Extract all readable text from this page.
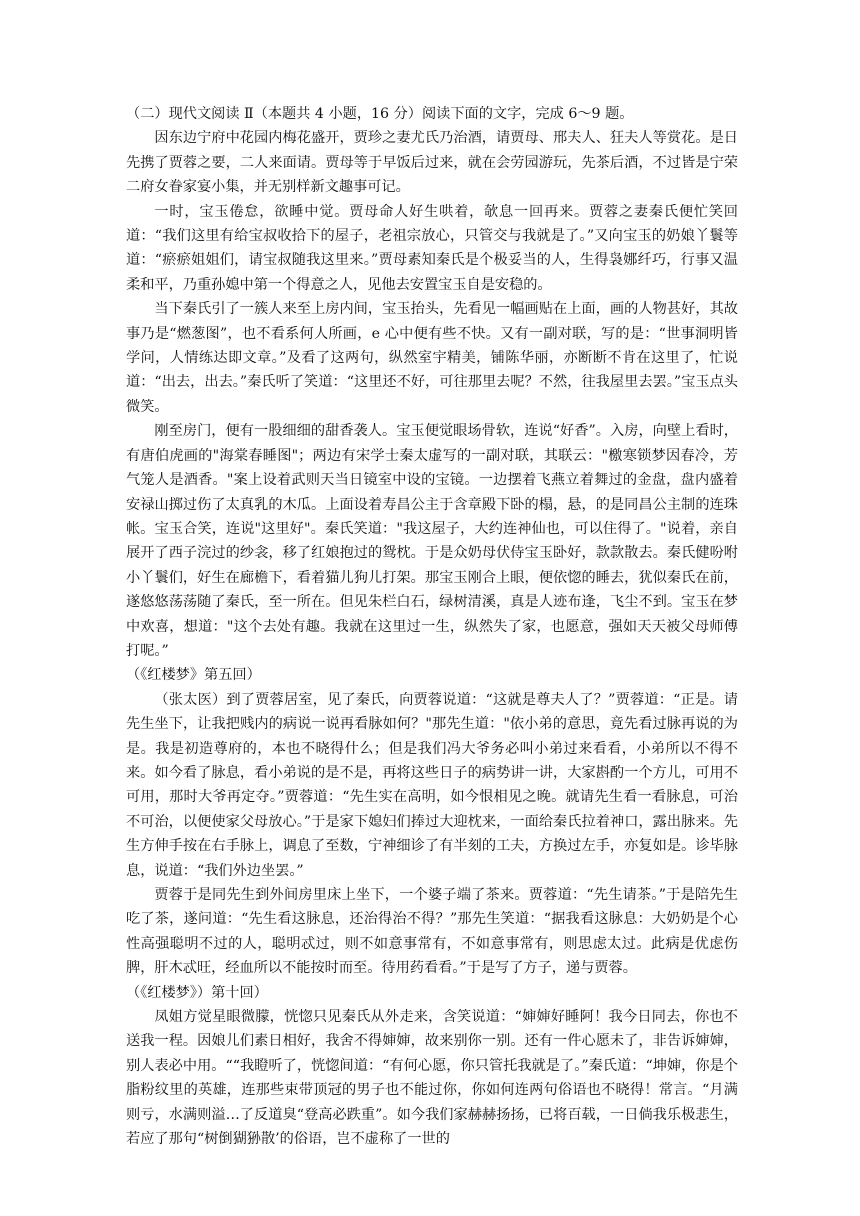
（二）现代文阅读 Ⅱ（本题共 4 小题，16 分）阅读下面的文字，完成 6～9 题。

因东边宁府中花园内梅花盛开，贾珍之妻尤氏乃治酒，请贾母、邢夫人、狂夫人等赏花。是日先携了贾蓉之要，二人来面请。贾母等于早饭后过来，就在会劳园游玩，先茶后酒，不过皆是宁荣二府女眷家宴小集，并无别样新文趣事可记。

一时，宝玉倦怠，欲睡中觉。贾母命人好生哄着，欹息一回再来。贾蓉之妻秦氏便忙笑回道：“我们这里有给宝叔收拾下的屋子，老祖宗放心，只管交与我就是了。”又向宝玉的奶娘丫鬟等道：“瘀瘀姐姐们，请宝叔随我这里来。”贾母素知秦氏是个极妥当的人，生得袅娜纤巧，行事又温柔和平，乃重孙媳中第一个得意之人，见他去安置宝玉自是安稳的。

当下秦氏引了一簇人来至上房内间，宝玉抬头，先看见一幅画贴在上面，画的人物甚好，其故事乃是“燃葱图”，也不看系何人所画，e 心中便有些不快。又有一副对联，写的是：“世事洞明皆学问，人情练达即文章。”及看了这两句，纵然室宇精美，铺陈华丽，亦断断不肯在这里了，忙说道：“出去，出去。”秦氏听了笑道：“这里还不好，可往那里去呢？不然，往我屋里去罢。”宝玉点头微笑。

刚至房门，便有一股细细的甜香袭人。宝玉便觉眼场骨软，连说“好香”。入房，向壁上看时，有唐伯虎画的"海棠春睡图"；两边有宋学士秦太虚写的一副对联，其联云："檄寒锁梦因春冷，芳气笼人是酒香。"案上设着武则天当日镜室中设的宝镜。一边摆着飞燕立着舞过的金盘，盘内盛着安禄山掷过伤了太真乳的木瓜。上面设着寿昌公主于含章殿下卧的榻，悬，的是同昌公主制的连珠帐。宝玉合笑，连说"这里好"。秦氏笑道："我这屋子，大约连神仙也，可以住得了。"说着，亲自展开了西子浣过的纱衾，移了红娘抱过的鸳枕。于是众奶母伏侍宝玉卧好，款款散去。秦氏健吩咐小丫鬟们，好生在廊檐下，看着猫儿狗儿打架。那宝玉刚合上眼，便依惚的睡去，犹似秦氏在前，遂悠悠荡荡随了秦氏，至一所在。但见朱栏白石，绿树清溪，真是人迹布逢，飞尘不到。宝玉在梦中欢喜，想道："这个去处有趣。我就在这里过一生，纵然失了家，也愿意，强如天天被父母师傅打呢。”

（《红楼梦》第五回）

（张太医）到了贾蓉居室，见了秦氏，向贾蓉说道：“这就是尊夫人了？”贾蓉道：“正是。请先生坐下，让我把贱内的病说一说再看脉如何？"那先生道："依小弟的意思，竟先看过脉再说的为是。我是初造尊府的，本也不晓得什么；但是我们冯大爷务必叫小弟过来看看，小弟所以不得不来。如今看了脉息，看小弟说的是不是，再将这些日子的病势讲一讲，大家斟酌一个方儿，可用不可用，那时大爷再定夺。”贾蓉道：“先生实在高明，如今恨相见之晚。就请先生看一看脉息，可治不可治，以便使家父母放心。”于是家下媳妇们捧过大迎枕来，一面给秦氏拉着神口，露出脉来。先生方伸手按在右手脉上，调息了至数，宁神细诊了有半刻的工夫，方换过左手，亦复如是。诊毕脉息，说道：“我们外边坐罢。”

贾蓉于是同先生到外间房里床上坐下，一个婆子端了茶来。贾蓉道：“先生请茶。”于是陪先生吃了茶，遂问道：“先生看这脉息，还治得治不得？”那先生笑道：“据我看这脉息：大奶奶是个心性高强聪明不过的人，聪明忒过，则不如意事常有，不如意事常有，则思虑太过。此病是优虑伤脾，肝木忒旺，经血所以不能按时而至。待用药看看。”于是写了方子，递与贾蓉。

（《红楼梦》）第十回）

凤姐方觉星眼微朦，恍惚只见秦氏从外走来，含笑说道：“婶婶好睡阿！我今日同去，你也不送我一程。因娘儿们素日相好，我舍不得婶婶，故来别你一别。还有一件心愿未了，非告诉婶婶，别人表必中用。““我瞪听了，恍惚间道：“有何心愿，你只管托我就是了。”秦氏道：“坤婶，你是个脂粉纹里的英雄，连那些束带顶冠的男子也不能过你，你如何连两句俗语也不晓得！常言。“月满则亏，水满则溢…了反道臭“登高必跌重”。如今我们家赫赫扬扬，已将百载，一日倘我乐极悲生，若应了那句“树倒猢狲散’的俗语，岂不虚称了一世的
